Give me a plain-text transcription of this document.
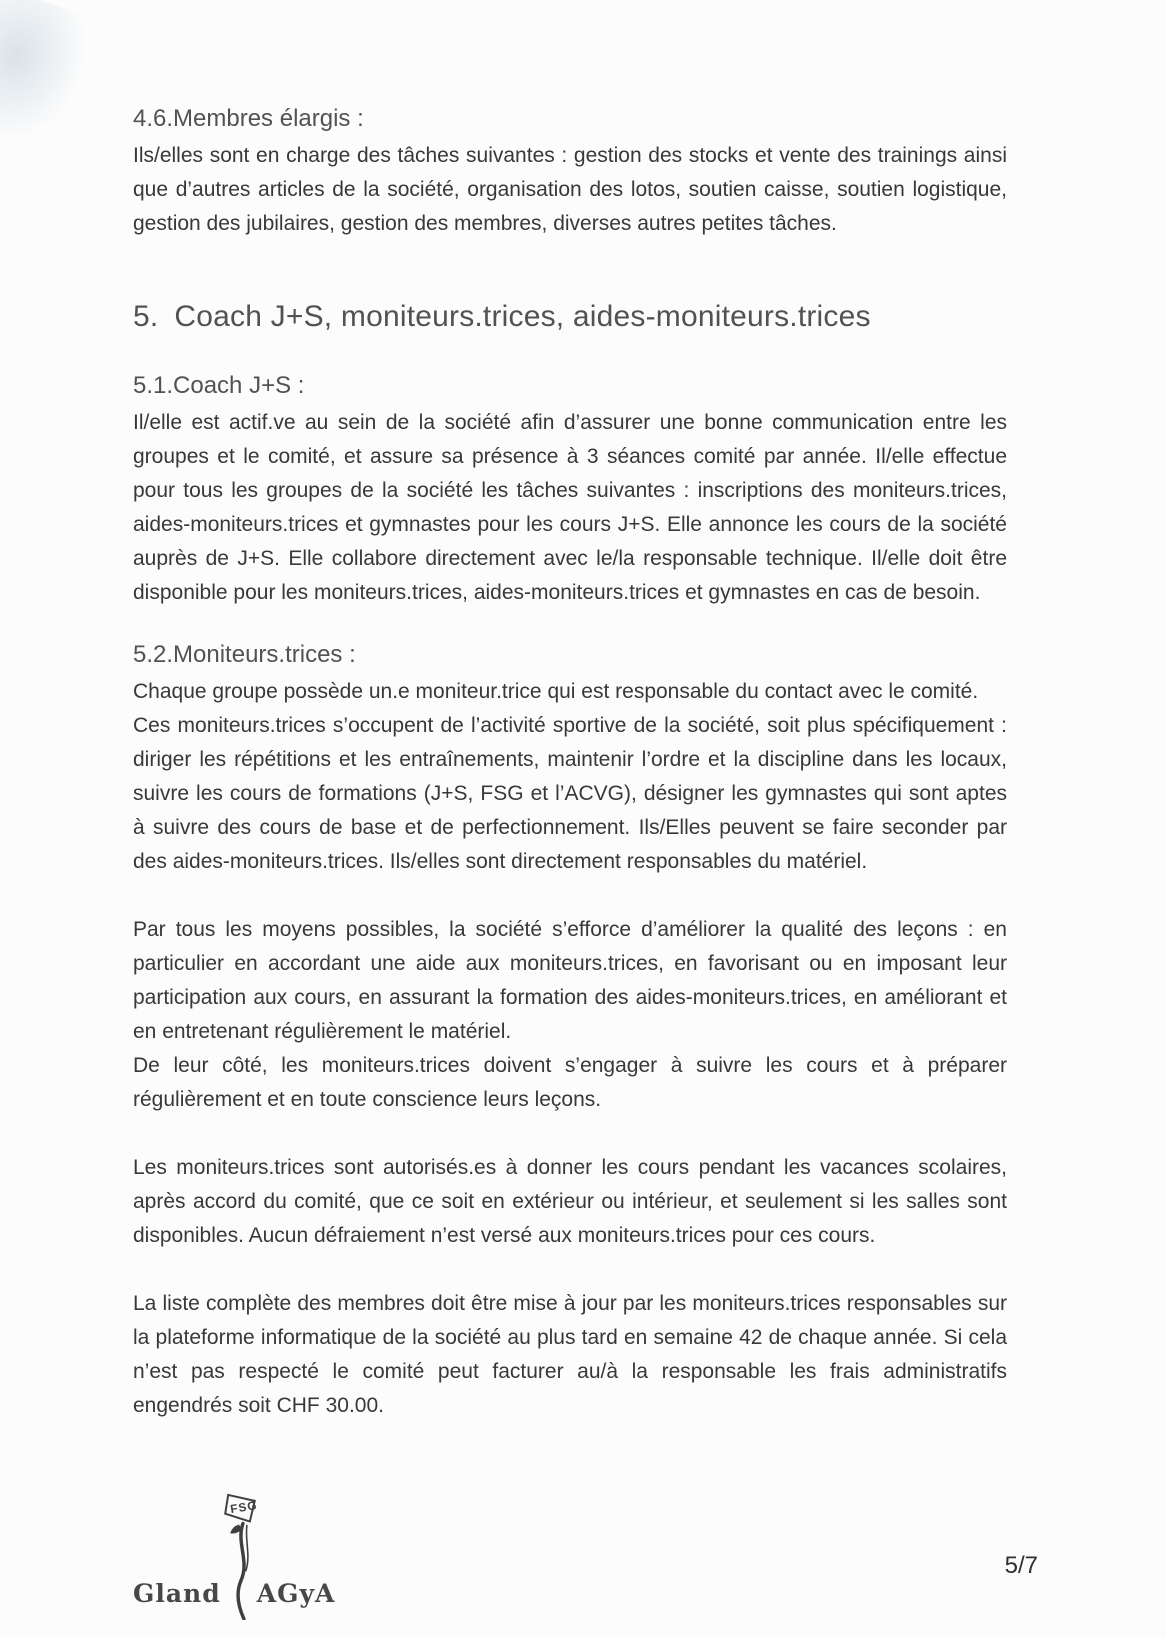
4.6.Membres élargis :

Ils/elles sont en charge des tâches suivantes : gestion des stocks et vente des trainings ainsi que d’autres articles de la société, organisation des lotos, soutien caisse, soutien logistique, gestion des jubilaires, gestion des membres, diverses autres petites tâches.

5. Coach J+S, moniteurs.trices, aides-moniteurs.trices
5.1.Coach J+S :

Il/elle est actif.ve au sein de la société afin d’assurer une bonne communication entre les groupes et le comité, et assure sa présence à 3 séances comité par année. Il/elle effectue pour tous les groupes de la société les tâches suivantes : inscriptions des moniteurs.trices, aides-moniteurs.trices et gymnastes pour les cours J+S. Elle annonce les cours de la société auprès de J+S. Elle collabore directement avec le/la responsable technique. Il/elle doit être disponible pour les moniteurs.trices, aides-moniteurs.trices et gymnastes en cas de besoin.

5.2.Moniteurs.trices :

Chaque groupe possède un.e moniteur.trice qui est responsable du contact avec le comité.

Ces moniteurs.trices s’occupent de l’activité sportive de la société, soit plus spécifiquement : diriger les répétitions et les entraînements, maintenir l’ordre et la discipline dans les locaux, suivre les cours de formations (J+S, FSG et l’ACVG), désigner les gymnastes qui sont aptes à suivre des cours de base et de perfectionnement. Ils/Elles peuvent se faire seconder par des aides-moniteurs.trices. Ils/elles sont directement responsables du matériel.

Par tous les moyens possibles, la société s’efforce d’améliorer la qualité des leçons : en particulier en accordant une aide aux moniteurs.trices, en favorisant ou en imposant leur participation aux cours, en assurant la formation des aides-moniteurs.trices, en améliorant et en entretenant régulièrement le matériel.

De leur côté, les moniteurs.trices doivent s’engager à suivre les cours et à préparer régulièrement et en toute conscience leurs leçons.

Les moniteurs.trices sont autorisés.es à donner les cours pendant les vacances scolaires, après accord du comité, que ce soit en extérieur ou intérieur, et seulement si les salles sont disponibles. Aucun défraiement n’est versé aux moniteurs.trices pour ces cours.

La liste complète des membres doit être mise à jour par les moniteurs.trices responsables sur la plateforme informatique de la société au plus tard en semaine 42 de chaque année. Si cela n’est pas respecté le comité peut facturer au/à la responsable les frais administratifs engendrés soit CHF 30.00.

Gland
FSG
AGyA
5/7
